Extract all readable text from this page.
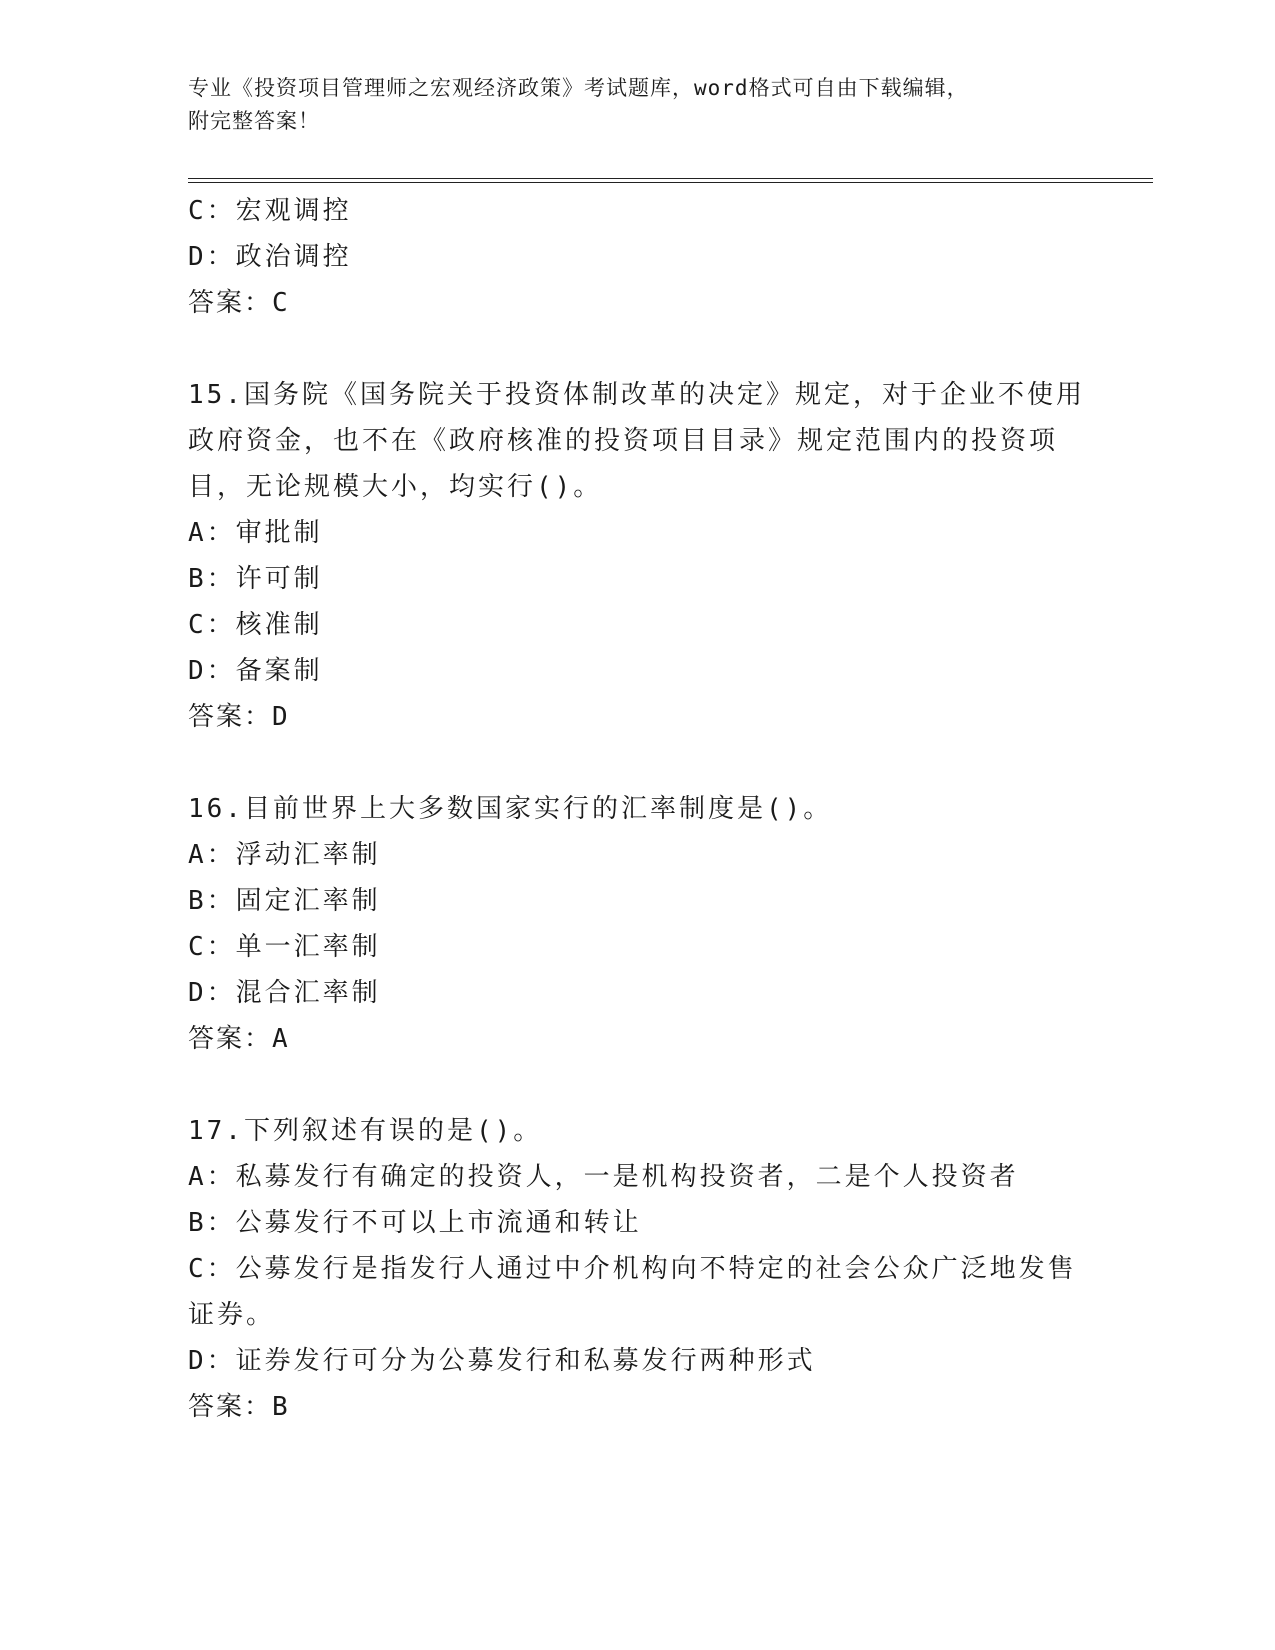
专业《投资项目管理师之宏观经济政策》考试题库，word格式可自由下载编辑，
附完整答案！
C：宏观调控
D：政治调控
答案：C
15.国务院《国务院关于投资体制改革的决定》规定，对于企业不使用
政府资金，也不在《政府核准的投资项目目录》规定范围内的投资项
目，无论规模大小，均实行()。
A：审批制
B：许可制
C：核准制
D：备案制
答案：D
16.目前世界上大多数国家实行的汇率制度是()。
A：浮动汇率制
B：固定汇率制
C：单一汇率制
D：混合汇率制
答案：A
17.下列叙述有误的是()。
A：私募发行有确定的投资人，一是机构投资者，二是个人投资者
B：公募发行不可以上市流通和转让
C：公募发行是指发行人通过中介机构向不特定的社会公众广泛地发售
证券。
D：证券发行可分为公募发行和私募发行两种形式
答案：B
